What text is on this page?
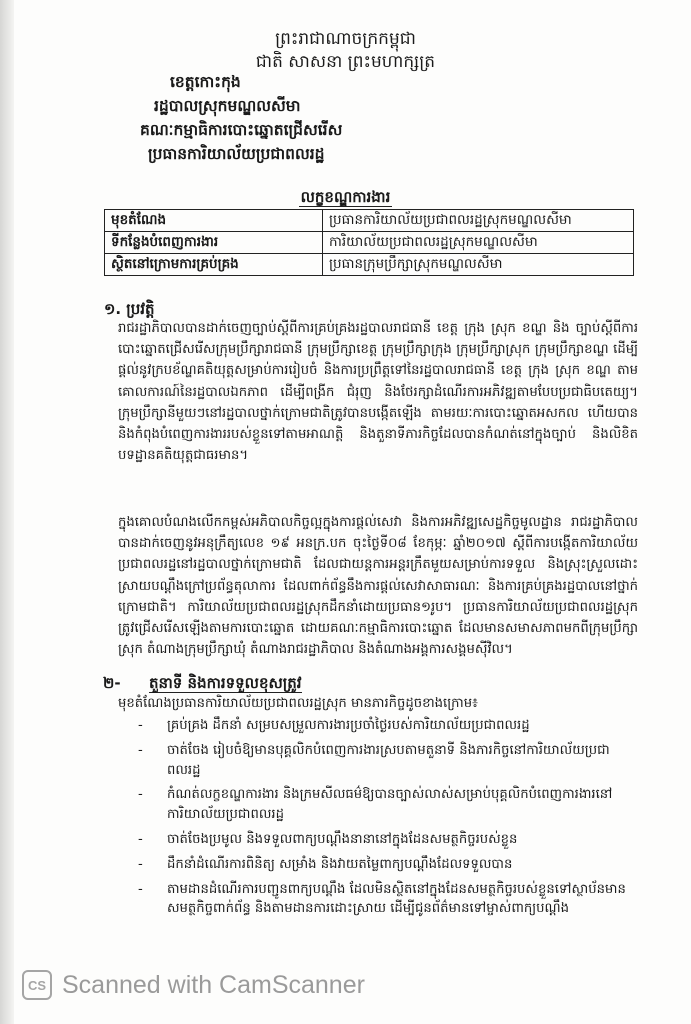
ព្រះរាជាណាចក្រកម្ពុជា
ជាតិ សាសនា ព្រះមហាក្សត្រ
ខេត្តកោះកុង
រដ្ឋបាលស្រុកមណ្ឌលសីមា
គណៈកម្មាធិការបោះឆ្នោតជ្រើសរើស
ប្រធានការិយាល័យប្រជាពលរដ្ឋ
លក្ខខណ្ឌការងារ
មុខតំណែង	ប្រធានការិយាល័យប្រជាពលរដ្ឋស្រុកមណ្ឌលសីមា
ទីកន្លែងបំពេញការងារ	ការិយាល័យប្រជាពលរដ្ឋស្រុកមណ្ឌលសីមា
ស្ថិតនៅក្រោមការគ្រប់គ្រង	ប្រធានក្រុមប្រឹក្សាស្រុកមណ្ឌលសីមា
១. ប្រវត្តិ
រាជរដ្ឋាភិបាលបានដាក់ចេញច្បាប់ស្តីពីការគ្រប់គ្រងរដ្ឋបាលរាជធានី ខេត្ត ក្រុង ស្រុក ខណ្ឌ និង ច្បាប់ស្តីពីការបោះឆ្នោតជ្រើសរើសក្រុមប្រឹក្សារាជធានី ក្រុមប្រឹក្សាខេត្ត ក្រុមប្រឹក្សាក្រុង ក្រុមប្រឹក្សាស្រុក ក្រុមប្រឹក្សាខណ្ឌ ដើម្បីផ្តល់នូវក្របខ័ណ្ឌគតិយុត្តសម្រាប់ការរៀបចំ និងការប្រព្រឹត្តទៅនៃរដ្ឋបាលរាជធានី ខេត្ត ក្រុង ស្រុក ខណ្ឌ តាមគោលការណ៍នៃរដ្ឋបាលឯកភាព ដើម្បីពង្រីក ជំរុញ និងថែរក្សាដំណើរការអភិវឌ្ឍតាមបែបប្រជាធិបតេយ្យ។ ក្រុមប្រឹក្សានីមួយៗនៅរដ្ឋបាលថ្នាក់ក្រោមជាតិត្រូវបានបង្កើតឡើង តាមរយៈការបោះឆ្នោតអសកល ហើយបាននិងកំពុងបំពេញការងាររបស់ខ្លួនទៅតាមអាណត្តិ និងតួនាទីភារកិច្ចដែលបានកំណត់នៅក្នុងច្បាប់ និងលិខិតបទដ្ឋានគតិយុត្តជាធរមាន។
ក្នុងគោលបំណងលើកកម្ពស់អភិបាលកិច្ចល្អក្នុងការផ្តល់សេវា និងការអភិវឌ្ឍសេដ្ឋកិច្ចមូលដ្ឋាន រាជរដ្ឋាភិបាលបានដាក់ចេញនូវអនុក្រឹត្យលេខ ១៩ អនក្រ.បក ចុះថ្ងៃទី០៨ ខែកុម្ភៈ ឆ្នាំ២០១៧ ស្តីពីការបង្កើតការិយាល័យប្រជាពលរដ្ឋនៅរដ្ឋបាលថ្នាក់ក្រោមជាតិ ដែលជាយន្តការអន្តរក្រឹតមួយសម្រាប់ការទទួល និងស្រុះស្រួលដោះស្រាយបណ្តឹងក្រៅប្រព័ន្ធតុលាការ ដែលពាក់ព័ន្ធនឹងការផ្តល់សេវាសាធារណៈ និងការគ្រប់គ្រងរដ្ឋបាលនៅថ្នាក់ក្រោមជាតិ។ ការិយាល័យប្រជាពលរដ្ឋស្រុកដឹកនាំដោយប្រធាន១រូប។ ប្រធានការិយាល័យប្រជាពលរដ្ឋស្រុក ត្រូវជ្រើសរើសឡើងតាមការបោះឆ្នោត ដោយគណៈកម្មាធិការបោះឆ្នោត ដែលមានសមាសភាពមកពីក្រុមប្រឹក្សាស្រុក តំណាងក្រុមប្រឹក្សាឃុំ តំណាងរាជរដ្ឋាភិបាល និងតំណាងអង្គការសង្គមស៊ីវិល។
២- តួនាទី និងការទទួលខុសត្រូវ
មុខតំណែងប្រធានការិយាល័យប្រជាពលរដ្ឋស្រុក មានភារកិច្ចដូចខាងក្រោម៖
- គ្រប់គ្រង ដឹកនាំ សម្របសម្រួលការងារប្រចាំថ្ងៃរបស់ការិយាល័យប្រជាពលរដ្ឋ
- ចាត់ចែង រៀបចំឱ្យមានបុគ្គលិកបំពេញការងារស្របតាមតួនាទី និងភារកិច្ចនៅការិយាល័យប្រជាពលរដ្ឋ
- កំណត់លក្ខខណ្ឌការងារ និងក្រមសីលធម៌ឱ្យបានច្បាស់លាស់សម្រាប់បុគ្គលិកបំពេញការងារនៅការិយាល័យប្រជាពលរដ្ឋ
- ចាត់ចែងប្រមូល និងទទួលពាក្យបណ្តឹងនានានៅក្នុងដែនសមត្ថកិច្ចរបស់ខ្លួន
- ដឹកនាំដំណើរការពិនិត្យ សម្រាំង និងវាយតម្លៃពាក្យបណ្តឹងដែលទទួលបាន
- តាមដានដំណើរការបញ្ជូនពាក្យបណ្តឹង ដែលមិនស្ថិតនៅក្នុងដែនសមត្ថកិច្ចរបស់ខ្លួនទៅស្ថាប័នមានសមត្ថកិច្ចពាក់ព័ន្ធ និងតាមដានការដោះស្រាយ ដើម្បីជូនព័ត៌មានទៅម្ចាស់ពាក្យបណ្តឹង
CS Scanned with CamScanner
